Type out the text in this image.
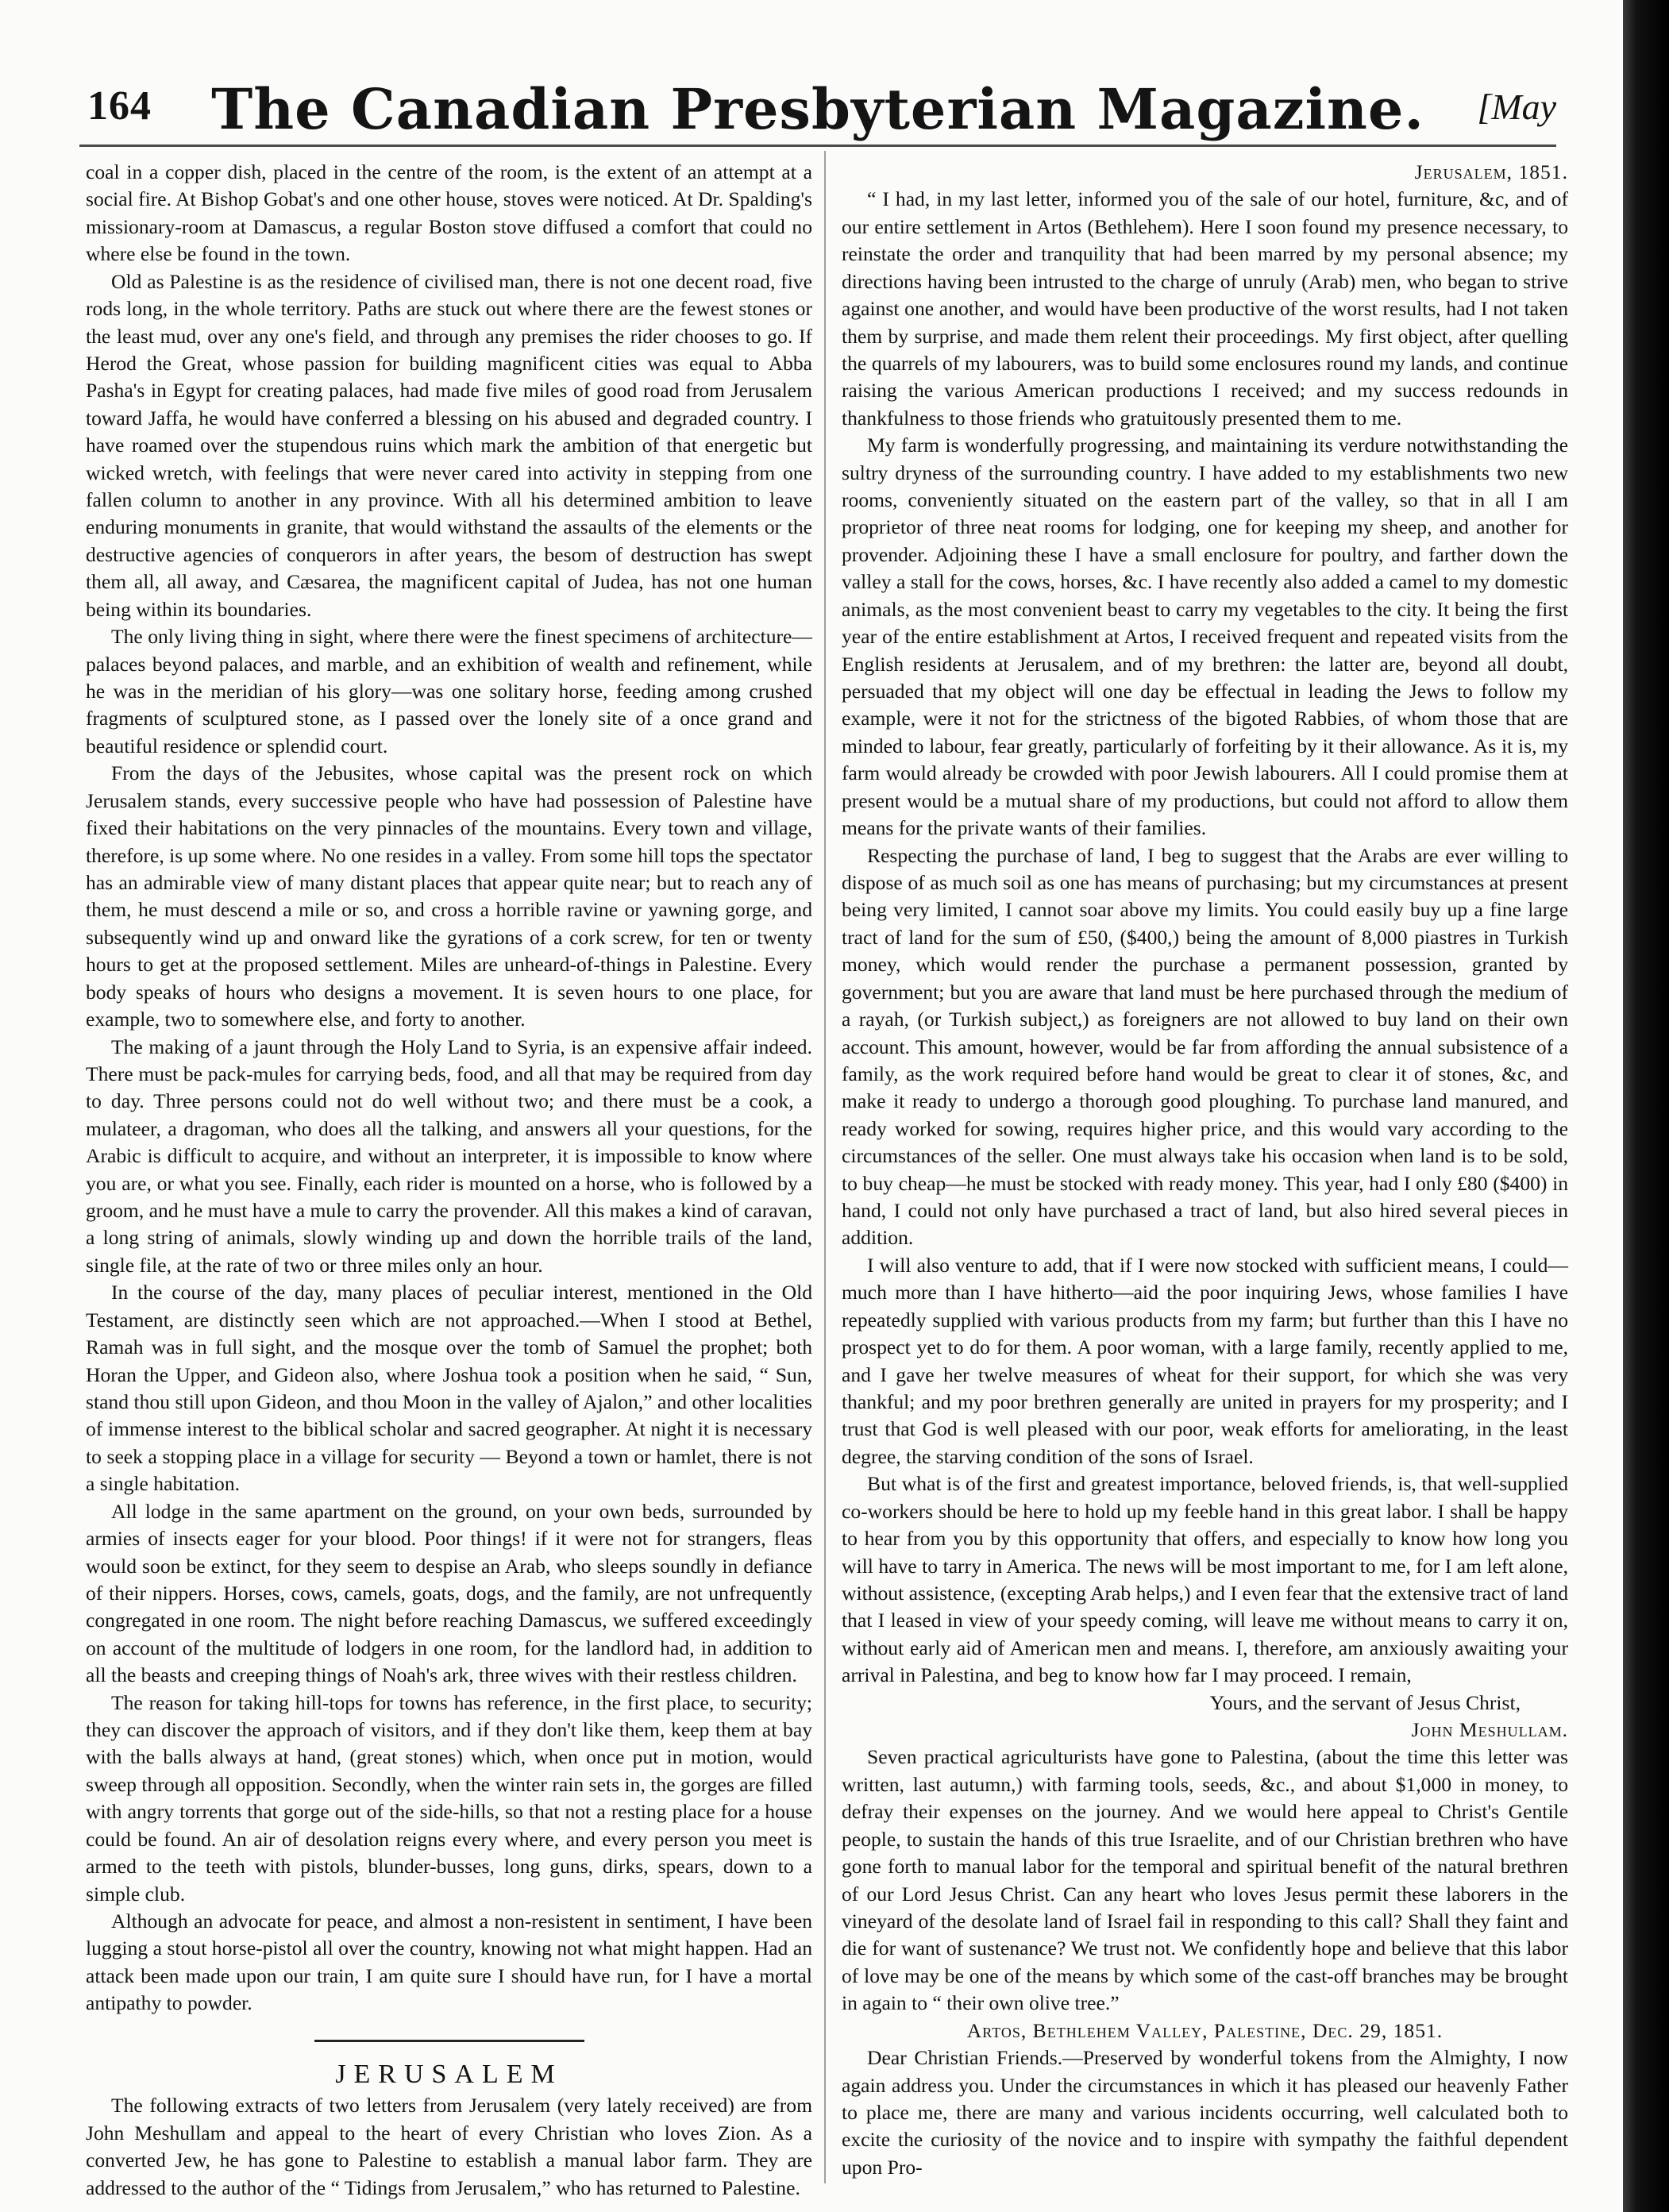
164	The Canadian Presbyterian Magazine.	[May

coal in a copper dish, placed in the centre of the room, is the extent of an attempt at a social fire. At Bishop Gobat's and one other house, stoves were noticed. At Dr. Spalding's missionary-room at Damascus, a regular Boston stove diffused a comfort that could no where else be found in the town.

Old as Palestine is as the residence of civilised man, there is not one decent road, five rods long, in the whole territory. Paths are stuck out where there are the fewest stones or the least mud, over any one's field, and through any premises the rider chooses to go. If Herod the Great, whose passion for building magnificent cities was equal to Abba Pasha's in Egypt for creating palaces, had made five miles of good road from Jerusalem toward Jaffa, he would have conferred a blessing on his abused and degraded country. I have roamed over the stupendous ruins which mark the ambition of that energetic but wicked wretch, with feelings that were never cared into activity in stepping from one fallen column to another in any province. With all his determined ambition to leave enduring monuments in granite, that would withstand the assaults of the elements or the destructive agencies of conquerors in after years, the besom of destruction has swept them all, all away, and Cæsarea, the magnificent capital of Judea, has not one human being within its boundaries.

The only living thing in sight, where there were the finest specimens of architecture—palaces beyond palaces, and marble, and an exhibition of wealth and refinement, while he was in the meridian of his glory—was one solitary horse, feeding among crushed fragments of sculptured stone, as I passed over the lonely site of a once grand and beautiful residence or splendid court.

From the days of the Jebusites, whose capital was the present rock on which Jerusalem stands, every successive people who have had possession of Palestine have fixed their habitations on the very pinnacles of the mountains. Every town and village, therefore, is up some where. No one resides in a valley. From some hill tops the spectator has an admirable view of many distant places that appear quite near; but to reach any of them, he must descend a mile or so, and cross a horrible ravine or yawning gorge, and subsequently wind up and onward like the gyrations of a cork screw, for ten or twenty hours to get at the proposed settlement. Miles are unheard-of-things in Palestine. Every body speaks of hours who designs a movement. It is seven hours to one place, for example, two to somewhere else, and forty to another.

The making of a jaunt through the Holy Land to Syria, is an expensive affair indeed. There must be pack-mules for carrying beds, food, and all that may be required from day to day. Three persons could not do well without two; and there must be a cook, a mulateer, a dragoman, who does all the talking, and answers all your questions, for the Arabic is difficult to acquire, and without an interpreter, it is impossible to know where you are, or what you see. Finally, each rider is mounted on a horse, who is followed by a groom, and he must have a mule to carry the provender. All this makes a kind of caravan, a long string of animals, slowly winding up and down the horrible trails of the land, single file, at the rate of two or three miles only an hour.

In the course of the day, many places of peculiar interest, mentioned in the Old Testament, are distinctly seen which are not approached.—When I stood at Bethel, Ramah was in full sight, and the mosque over the tomb of Samuel the prophet; both Horan the Upper, and Gideon also, where Joshua took a position when he said, “ Sun, stand thou still upon Gideon, and thou Moon in the valley of Ajalon,” and other localities of immense interest to the biblical scholar and sacred geographer. At night it is necessary to seek a stopping place in a village for security — Beyond a town or hamlet, there is not a single habitation.

All lodge in the same apartment on the ground, on your own beds, surrounded by armies of insects eager for your blood. Poor things! if it were not for strangers, fleas would soon be extinct, for they seem to despise an Arab, who sleeps soundly in defiance of their nippers. Horses, cows, camels, goats, dogs, and the family, are not unfrequently congregated in one room. The night before reaching Damascus, we suffered exceedingly on account of the multitude of lodgers in one room, for the landlord had, in addition to all the beasts and creeping things of Noah's ark, three wives with their restless children.

The reason for taking hill-tops for towns has reference, in the first place, to security; they can discover the approach of visitors, and if they don't like them, keep them at bay with the balls always at hand, (great stones) which, when once put in motion, would sweep through all opposition. Secondly, when the winter rain sets in, the gorges are filled with angry torrents that gorge out of the side-hills, so that not a resting place for a house could be found. An air of desolation reigns every where, and every person you meet is armed to the teeth with pistols, blunder-busses, long guns, dirks, spears, down to a simple club.

Although an advocate for peace, and almost a non-resistent in sentiment, I have been lugging a stout horse-pistol all over the country, knowing not what might happen. Had an attack been made upon our train, I am quite sure I should have run, for I have a mortal antipathy to powder.

JERUSALEM

The following extracts of two letters from Jerusalem (very lately received) are from John Meshullam and appeal to the heart of every Christian who loves Zion. As a converted Jew, he has gone to Palestine to establish a manual labor farm. They are addressed to the author of the “ Tidings from Jerusalem,” who has returned to Palestine.

Jerusalem, 1851.

“ I had, in my last letter, informed you of the sale of our hotel, furniture, &c, and of our entire settlement in Artos (Bethlehem). Here I soon found my presence necessary, to reinstate the order and tranquility that had been marred by my personal absence; my directions having been intrusted to the charge of unruly (Arab) men, who began to strive against one another, and would have been productive of the worst results, had I not taken them by surprise, and made them relent their proceedings. My first object, after quelling the quarrels of my labourers, was to build some enclosures round my lands, and continue raising the various American productions I received; and my success redounds in thankfulness to those friends who gratuitously presented them to me.

My farm is wonderfully progressing, and maintaining its verdure notwithstanding the sultry dryness of the surrounding country. I have added to my establishments two new rooms, conveniently situated on the eastern part of the valley, so that in all I am proprietor of three neat rooms for lodging, one for keeping my sheep, and another for provender. Adjoining these I have a small enclosure for poultry, and farther down the valley a stall for the cows, horses, &c. I have recently also added a camel to my domestic animals, as the most convenient beast to carry my vegetables to the city. It being the first year of the entire establishment at Artos, I received frequent and repeated visits from the English residents at Jerusalem, and of my brethren: the latter are, beyond all doubt, persuaded that my object will one day be effectual in leading the Jews to follow my example, were it not for the strictness of the bigoted Rabbies, of whom those that are minded to labour, fear greatly, particularly of forfeiting by it their allowance. As it is, my farm would already be crowded with poor Jewish labourers. All I could promise them at present would be a mutual share of my productions, but could not afford to allow them means for the private wants of their families.

Respecting the purchase of land, I beg to suggest that the Arabs are ever willing to dispose of as much soil as one has means of purchasing; but my circumstances at present being very limited, I cannot soar above my limits. You could easily buy up a fine large tract of land for the sum of £50, ($400,) being the amount of 8,000 piastres in Turkish money, which would render the purchase a permanent possession, granted by government; but you are aware that land must be here purchased through the medium of a rayah, (or Turkish subject,) as foreigners are not allowed to buy land on their own account. This amount, however, would be far from affording the annual subsistence of a family, as the work required before hand would be great to clear it of stones, &c, and make it ready to undergo a thorough good ploughing. To purchase land manured, and ready worked for sowing, requires higher price, and this would vary according to the circumstances of the seller. One must always take his occasion when land is to be sold, to buy cheap—he must be stocked with ready money. This year, had I only £80 ($400) in hand, I could not only have purchased a tract of land, but also hired several pieces in addition.

I will also venture to add, that if I were now stocked with sufficient means, I could—much more than I have hitherto—aid the poor inquiring Jews, whose families I have repeatedly supplied with various products from my farm; but further than this I have no prospect yet to do for them. A poor woman, with a large family, recently applied to me, and I gave her twelve measures of wheat for their support, for which she was very thankful; and my poor brethren generally are united in prayers for my prosperity; and I trust that God is well pleased with our poor, weak efforts for ameliorating, in the least degree, the starving condition of the sons of Israel.

But what is of the first and greatest importance, beloved friends, is, that well-supplied co-workers should be here to hold up my feeble hand in this great labor. I shall be happy to hear from you by this opportunity that offers, and especially to know how long you will have to tarry in America. The news will be most important to me, for I am left alone, without assistence, (excepting Arab helps,) and I even fear that the extensive tract of land that I leased in view of your speedy coming, will leave me without means to carry it on, without early aid of American men and means. I, therefore, am anxiously awaiting your arrival in Palestina, and beg to know how far I may proceed. I remain,

Yours, and the servant of Jesus Christ,

John Meshullam.

Seven practical agriculturists have gone to Palestina, (about the time this letter was written, last autumn,) with farming tools, seeds, &c., and about $1,000 in money, to defray their expenses on the journey. And we would here appeal to Christ's Gentile people, to sustain the hands of this true Israelite, and of our Christian brethren who have gone forth to manual labor for the temporal and spiritual benefit of the natural brethren of our Lord Jesus Christ. Can any heart who loves Jesus permit these laborers in the vineyard of the desolate land of Israel fail in responding to this call? Shall they faint and die for want of sustenance? We trust not. We confidently hope and believe that this labor of love may be one of the means by which some of the cast-off branches may be brought in again to “ their own olive tree.”

Artos, Bethlehem Valley, Palestine, Dec. 29, 1851.

Dear Christian Friends.—Preserved by wonderful tokens from the Almighty, I now again address you. Under the circumstances in which it has pleased our heavenly Father to place me, there are many and various incidents occurring, well calculated both to excite the curiosity of the novice and to inspire with sympathy the faithful dependent upon Pro-
